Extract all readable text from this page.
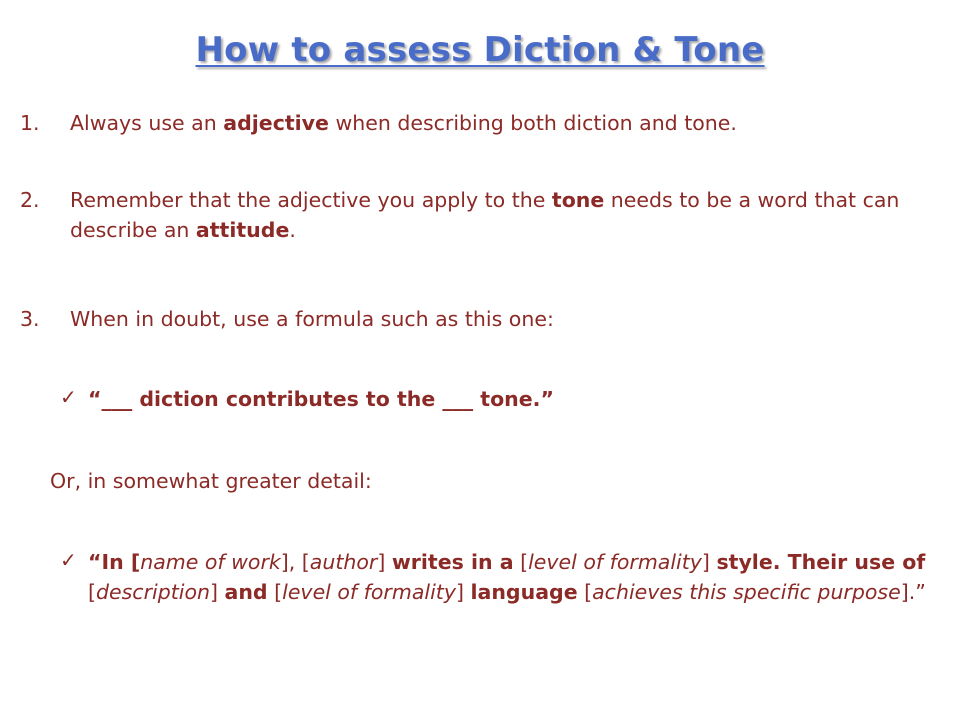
How to assess Diction & Tone
1.	Always use an adjective when describing both diction and tone.
2.	Remember that the adjective you apply to the tone needs to be a word that can describe an attitude.
3.	When in doubt, use a formula such as this one:
✓ “___ diction contributes to the ___ tone.”
Or, in somewhat greater detail:
✓ “In [name of work], [author] writes in a [level of formality] style. Their use of [description] and [level of formality] language [achieves this specific purpose].”
